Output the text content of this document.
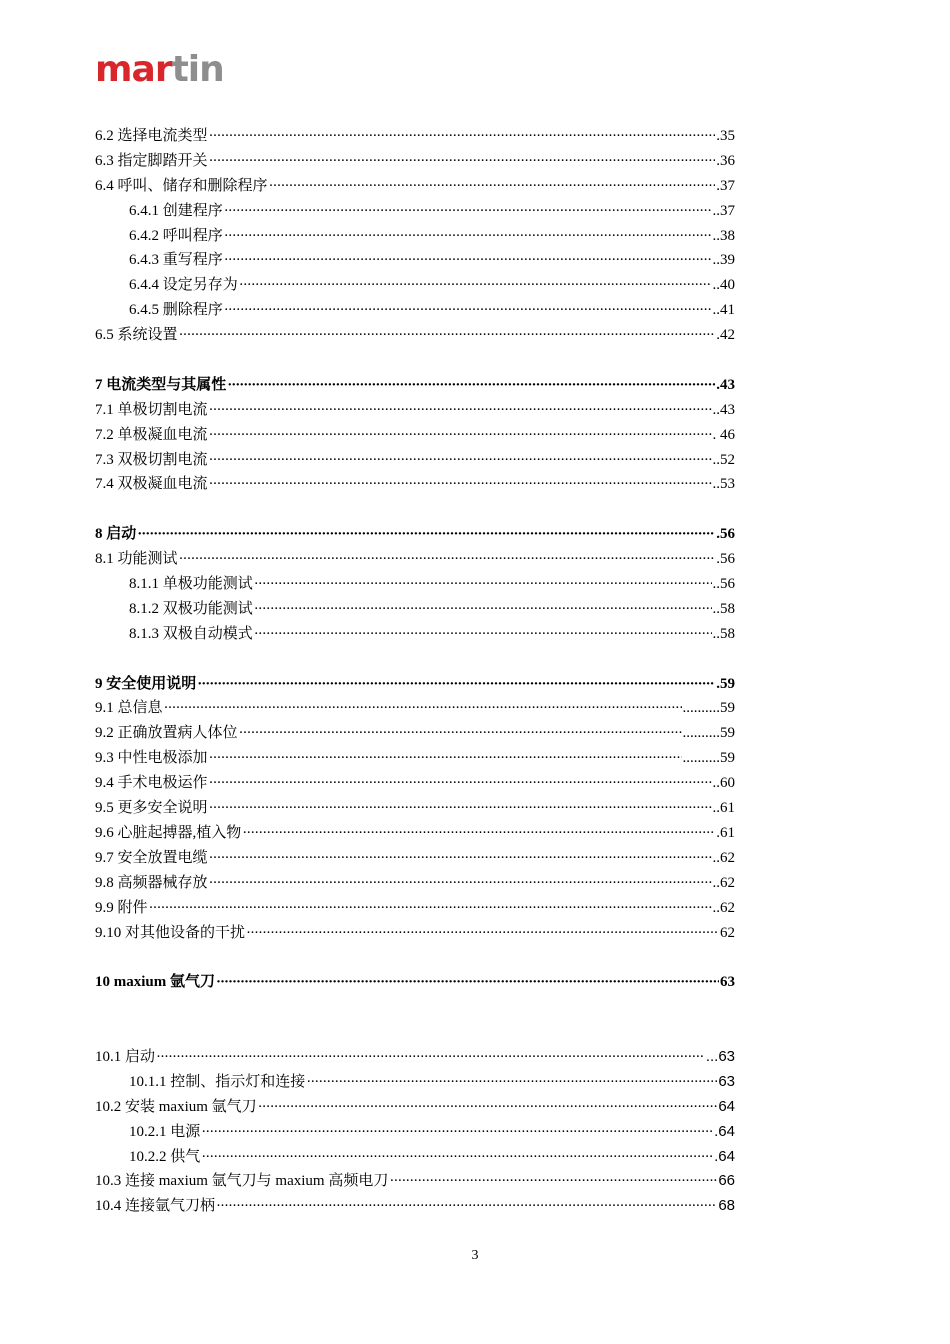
martin
6.2 选择电流类型 ·····	.35
6.3 指定脚踏开关 ·····	.36
6.4 呼叫、储存和删除程序 ·····	.37
6.4.1 创建程序 ·····	..37
6.4.2 呼叫程序 ·····	..38
6.4.3 重写程序 ·····	..39
6.4.4 设定另存为 ·····	..40
6.4.5 删除程序 ·····	..41
6.5 系统设置 ·····	.42
7 电流类型与其属性 ·····	.43
7.1 单极切割电流 ·····	..43
7.2 单极凝血电流 ·····	. 46
7.3 双极切割电流 ·····	..52
7.4 双极凝血电流 ·····	..53
8 启动 ·····	.56
8.1 功能测试 ·····	.56
8.1.1 单极功能测试 ·····	..56
8.1.2 双极功能测试 ·····	..58
8.1.3 双极自动模式 ·····	..58
9 安全使用说明 ·····	.59
9.1 总信息 ·····	..........59
9.2 正确放置病人体位 ·····	..........59
9.3 中性电极添加 ·····	..........59
9.4 手术电极运作 ·····	..60
9.5 更多安全说明 ·····	..61
9.6 心脏起搏器,植入物 ·····	.61
9.7 安全放置电缆 ·····	..62
9.8 高频器械存放 ·····	..62
9.9 附件 ·····	..62
9.10 对其他设备的干扰 ·····	62
10 maxium 氩气刀 ·····	63
10.1 启动 ·····	...63
10.1.1 控制、指示灯和连接 ·····	63
10.2 安装 maxium 氩气刀 ·····	64
10.2.1 电源 ·····	.64
10.2.2 供气 ·····	.64
10.3 连接 maxium 氩气刀与 maxium 高频电刀 ·····	66
10.4 连接氩气刀柄 ·····	68
3
